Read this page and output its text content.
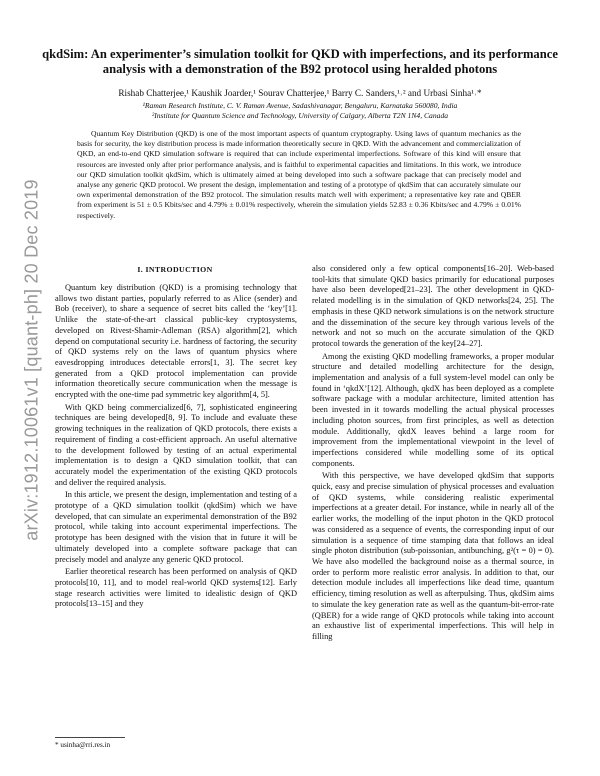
qkdSim: An experimenter’s simulation toolkit for QKD with imperfections, and its performance analysis with a demonstration of the B92 protocol using heralded photons
Rishab Chatterjee,¹ Kaushik Joarder,¹ Sourav Chatterjee,¹ Barry C. Sanders,¹˒² and Urbasi Sinha¹˒*
¹Raman Research Institute, C. V. Raman Avenue, Sadashivanagar, Bengaluru, Karnataka 560080, India
²Institute for Quantum Science and Technology, University of Calgary, Alberta T2N 1N4, Canada

Quantum Key Distribution (QKD) is one of the most important aspects of quantum cryptography. Using laws of quantum mechanics as the basis for security, the key distribution process is made information theoretically secure in QKD. With the advancement and commercialization of QKD, an end-to-end QKD simulation software is required that can include experimental imperfections. Software of this kind will ensure that resources are invested only after prior performance analysis, and is faithful to experimental capacities and limitations. In this work, we introduce our QKD simulation toolkit qkdSim, which is ultimately aimed at being developed into such a software package that can precisely model and analyse any generic QKD protocol. We present the design, implementation and testing of a prototype of qkdSim that can accurately simulate our own experimental demonstration of the B92 protocol. The simulation results match well with experiment; a representative key rate and QBER from experiment is 51 ± 0.5 Kbits/sec and 4.79% ± 0.01% respectively, wherein the simulation yields 52.83 ± 0.36 Kbits/sec and 4.79% ± 0.01% respectively.

arXiv:1912.10061v1 [quant-ph] 20 Dec 2019	I. INTRODUCTION

Quantum key distribution (QKD) is a promising technology that allows two distant parties, popularly referred to as Alice (sender) and Bob (receiver), to share a sequence of secret bits called the ‘key’[1]. Unlike the state-of-the-art classical public-key cryptosystems, developed on Rivest-Shamir-Adleman (RSA) algorithm[2], which depend on computational security i.e. hardness of factoring, the security of QKD systems rely on the laws of quantum physics where eavesdropping introduces detectable errors[1, 3]. The secret key generated from a QKD protocol implementation can provide information theoretically secure communication when the message is encrypted with the one-time pad symmetric key algorithm[4, 5].

With QKD being commercialized[6, 7], sophisticated engineering techniques are being developed[8, 9]. To include and evaluate these growing techniques in the realization of QKD protocols, there exists a requirement of finding a cost-efficient approach. An useful alternative to the development followed by testing of an actual experimental implementation is to design a QKD simulation toolkit, that can accurately model the experimentation of the existing QKD protocols and deliver the required analysis.

In this article, we present the design, implementation and testing of a prototype of a QKD simulation toolkit (qkdSim) which we have developed, that can simulate an experimental demonstration of the B92 protocol, while taking into account experimental imperfections. The prototype has been designed with the vision that in future it will be ultimately developed into a complete software package that can precisely model and analyze any generic QKD protocol.

Earlier theoretical research has been performed on analysis of QKD protocols[10, 11], and to model real-world QKD systems[12]. Early stage research activities were limited to idealistic design of QKD protocols[13–15] and they

also considered only a few optical components[16–20]. Web-based tool-kits that simulate QKD basics primarily for educational purposes have also been developed[21–23]. The other development in QKD-related modelling is in the simulation of QKD networks[24, 25]. The emphasis in these QKD network simulations is on the network structure and the dissemination of the secure key through various levels of the network and not so much on the accurate simulation of the QKD protocol towards the generation of the key[24–27].

Among the existing QKD modelling frameworks, a proper modular structure and detailed modelling architecture for the design, implementation and analysis of a full system-level model can only be found in ‘qkdX’[12]. Although, qkdX has been deployed as a complete software package with a modular architecture, limited attention has been invested in it towards modelling the actual physical processes including photon sources, from first principles, as well as detection module. Additionally, qkdX leaves behind a large room for improvement from the implementational viewpoint in the level of imperfections considered while modelling some of its optical components.

With this perspective, we have developed qkdSim that supports quick, easy and precise simulation of physical processes and evaluation of QKD systems, while considering realistic experimental imperfections at a greater detail. For instance, while in nearly all of the earlier works, the modelling of the input photon in the QKD protocol was considered as a sequence of events, the corresponding input of our simulation is a sequence of time stamping data that follows an ideal single photon distribution (sub-poissonian, antibunching, g²(τ = 0) = 0). We have also modelled the background noise as a thermal source, in order to perform more realistic error analysis. In addition to that, our detection module includes all imperfections like dead time, quantum efficiency, timing resolution as well as afterpulsing. Thus, qkdSim aims to simulate the key generation rate as well as the quantum-bit-error-rate (QBER) for a wide range of QKD protocols while taking into account an exhaustive list of experimental imperfections. This will help in filling

* usinha@rri.res.in
